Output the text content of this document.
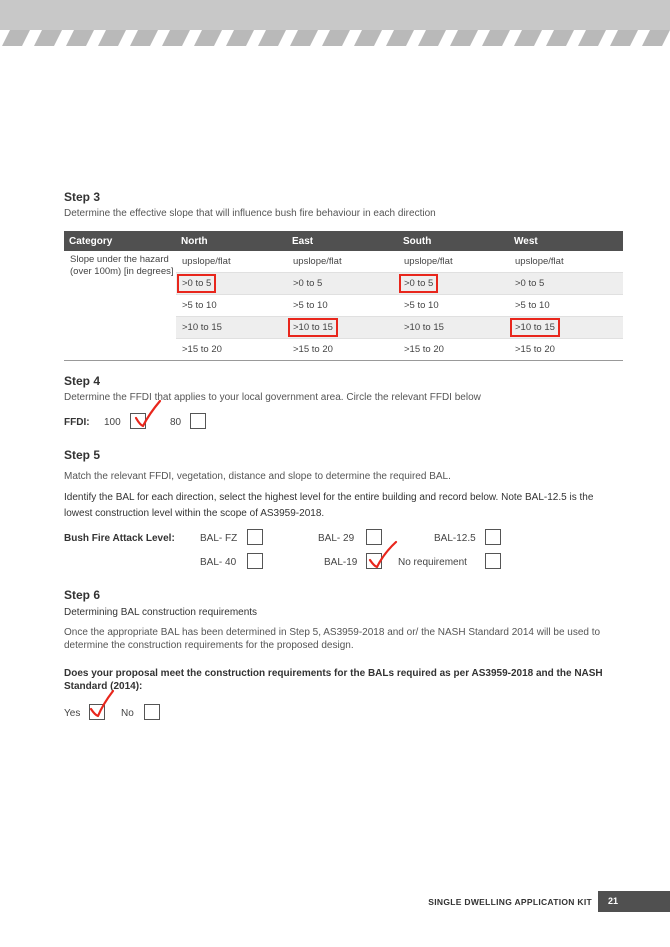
Step 3

Determine the effective slope that will influence bush fire behaviour in each direction

Category	North	East	South	West
Slope under the hazard (over 100m) [in degrees]	upslope/flat	upslope/flat	upslope/flat	upslope/flat
	>0 to 5	>0 to 5	>0 to 5	>0 to 5
	>5 to 10	>5 to 10	>5 to 10	>5 to 10
	>10 to 15	>10 to 15	>10 to 15	>10 to 15
	>15 to 20	>15 to 20	>15 to 20	>15 to 20
Step 4

Determine the FFDI that applies to your local government area. Circle the relevant FFDI below

FFDI: 100	80
Step 5

Match the relevant FFDI, vegetation, distance and slope to determine the required BAL.

Identify the BAL for each direction, select the highest level for the entire building and record below. Note BAL-12.5 is the lowest construction level within the scope of AS3959-2018.

Bush Fire Attack Level:	BAL- FZ	BAL- 29	BAL-12.5
BAL- 40	BAL-19	No requirement
Step 6

Determining BAL construction requirements

Once the appropriate BAL has been determined in Step 5, AS3959-2018 and or/ the NASH Standard 2014 will be used to determine the construction requirements for the proposed design.

Does your proposal meet the construction requirements for the BALs required as per AS3959-2018 and the NASH Standard (2014):

Yes	No
SINGLE DWELLING APPLICATION KIT 21
